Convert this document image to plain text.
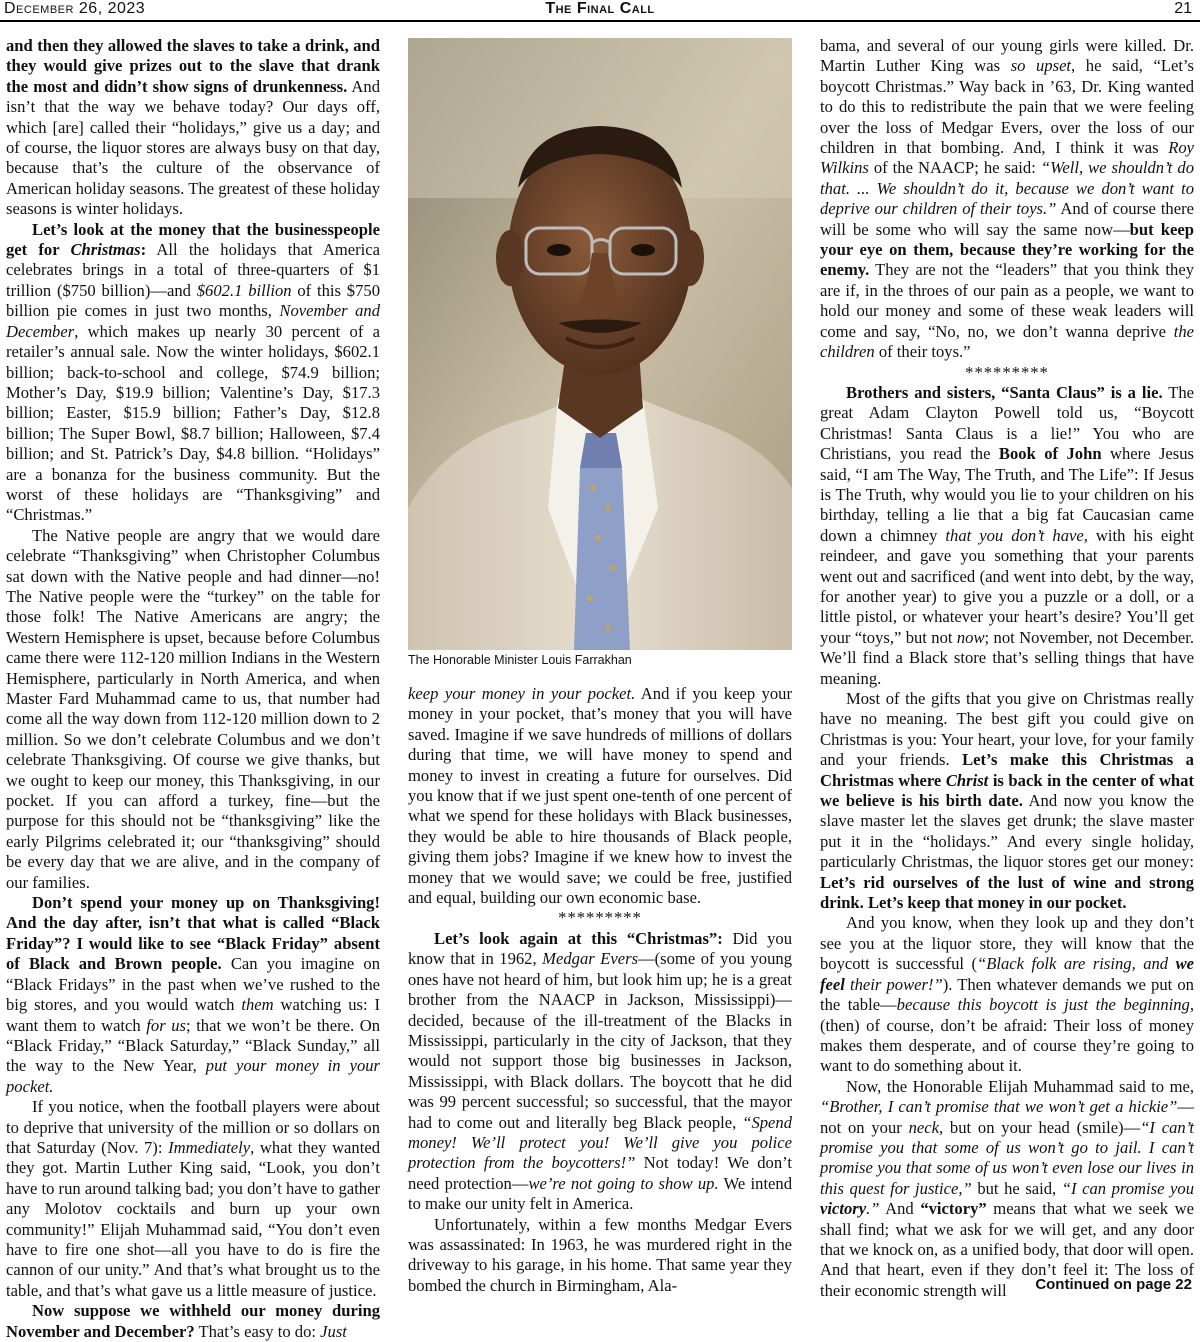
December 26, 2023	The Final Call	21

and then they allowed the slaves to take a drink, and they would give prizes out to the slave that drank the most and didn’t show signs of drunkenness. And isn’t that the way we behave today? Our days off, which [are] called their “holidays,” give us a day; and of course, the liquor stores are always busy on that day, because that’s the culture of the observance of American holiday seasons. The greatest of these holiday seasons is winter holidays.

Let’s look at the money that the businesspeople get for Christmas: All the holidays that America celebrates brings in a total of three-quarters of $1 trillion ($750 billion)—and $602.1 billion of this $750 billion pie comes in just two months, November and December, which makes up nearly 30 percent of a retailer’s annual sale. Now the winter holidays, $602.1 billion; back-to-school and college, $74.9 billion; Mother’s Day, $19.9 billion; Valentine’s Day, $17.3 billion; Easter, $15.9 billion; Father’s Day, $12.8 billion; The Super Bowl, $8.7 billion; Halloween, $7.4 billion; and St. Patrick’s Day, $4.8 billion. “Holidays” are a bonanza for the business community. But the worst of these holidays are “Thanksgiving” and “Christmas.”

The Native people are angry that we would dare celebrate “Thanksgiving” when Christopher Columbus sat down with the Native people and had dinner—no! The Native people were the “turkey” on the table for those folk! The Native Americans are angry; the Western Hemisphere is upset, because before Columbus came there were 112-120 million Indians in the Western Hemisphere, particularly in North America, and when Master Fard Muhammad came to us, that number had come all the way down from 112-120 million down to 2 million. So we don’t celebrate Columbus and we don’t celebrate Thanksgiving. Of course we give thanks, but we ought to keep our money, this Thanksgiving, in our pocket. If you can afford a turkey, fine—but the purpose for this should not be “thanksgiving” like the early Pilgrims celebrated it; our “thanksgiving” should be every day that we are alive, and in the company of our families.

Don’t spend your money up on Thanksgiving! And the day after, isn’t that what is called “Black Friday”? I would like to see “Black Friday” absent of Black and Brown people. Can you imagine on “Black Fridays” in the past when we’ve rushed to the big stores, and you would watch them watching us: I want them to watch for us; that we won’t be there. On “Black Friday,” “Black Saturday,” “Black Sunday,” all the way to the New Year, put your money in your pocket.

If you notice, when the football players were about to deprive that university of the million or so dollars on that Saturday (Nov. 7): Immediately, what they wanted they got. Martin Luther King said, “Look, you don’t have to run around talking bad; you don’t have to gather any Molotov cocktails and burn up your own community!” Elijah Muhammad said, “You don’t even have to fire one shot—all you have to do is fire the cannon of our unity.” And that’s what brought us to the table, and that’s what gave us a little measure of justice.

Now suppose we withheld our money during November and December? That’s easy to do: Just

The Honorable Minister Louis Farrakhan

keep your money in your pocket. And if you keep your money in your pocket, that’s money that you will have saved. Imagine if we save hundreds of millions of dollars during that time, we will have money to spend and money to invest in creating a future for ourselves. Did you know that if we just spent one-tenth of one percent of what we spend for these holidays with Black businesses, they would be able to hire thousands of Black people, giving them jobs? Imagine if we knew how to invest the money that we would save; we could be free, justified and equal, building our own economic base.

*********

Let’s look again at this “Christmas”: Did you know that in 1962, Medgar Evers—(some of you young ones have not heard of him, but look him up; he is a great brother from the NAACP in Jackson, Mississippi)—decided, because of the ill-treatment of the Blacks in Mississippi, particularly in the city of Jackson, that they would not support those big businesses in Jackson, Mississippi, with Black dollars. The boycott that he did was 99 percent successful; so successful, that the mayor had to come out and literally beg Black people, “Spend money! We’ll protect you! We’ll give you police protection from the boycotters!” Not today! We don’t need protection—we’re not going to show up. We intend to make our unity felt in America.

Unfortunately, within a few months Medgar Evers was assassinated: In 1963, he was murdered right in the driveway to his garage, in his home. That same year they bombed the church in Birmingham, Ala-

bama, and several of our young girls were killed. Dr. Martin Luther King was so upset, he said, “Let’s boycott Christmas.” Way back in ’63, Dr. King wanted to do this to redistribute the pain that we were feeling over the loss of Medgar Evers, over the loss of our children in that bombing. And, I think it was Roy Wilkins of the NAACP; he said: “Well, we shouldn’t do that. ... We shouldn’t do it, because we don’t want to deprive our children of their toys.” And of course there will be some who will say the same now—but keep your eye on them, because they’re working for the enemy. They are not the “leaders” that you think they are if, in the throes of our pain as a people, we want to hold our money and some of these weak leaders will come and say, “No, no, we don’t wanna deprive the children of their toys.”

*********

Brothers and sisters, “Santa Claus” is a lie. The great Adam Clayton Powell told us, “Boycott Christmas! Santa Claus is a lie!” You who are Christians, you read the Book of John where Jesus said, “I am The Way, The Truth, and The Life”: If Jesus is The Truth, why would you lie to your children on his birthday, telling a lie that a big fat Caucasian came down a chimney that you don’t have, with his eight reindeer, and gave you something that your parents went out and sacrificed (and went into debt, by the way, for another year) to give you a puzzle or a doll, or a little pistol, or whatever your heart’s desire? You’ll get your “toys,” but not now; not November, not December. We’ll find a Black store that’s selling things that have meaning.

Most of the gifts that you give on Christmas really have no meaning. The best gift you could give on Christmas is you: Your heart, your love, for your family and your friends. Let’s make this Christmas a Christmas where Christ is back in the center of what we believe is his birth date. And now you know the slave master let the slaves get drunk; the slave master put it in the “holidays.” And every single holiday, particularly Christmas, the liquor stores get our money: Let’s rid ourselves of the lust of wine and strong drink. Let’s keep that money in our pocket.

And you know, when they look up and they don’t see you at the liquor store, they will know that the boycott is successful (“Black folk are rising, and we feel their power!”). Then whatever demands we put on the table—because this boycott is just the beginning, (then) of course, don’t be afraid: Their loss of money makes them desperate, and of course they’re going to want to do something about it.

Now, the Honorable Elijah Muhammad said to me, “Brother, I can’t promise that we won’t get a hickie”—not on your neck, but on your head (smile)—“I can’t promise you that some of us won’t go to jail. I can’t promise you that some of us won’t even lose our lives in this quest for justice,” but he said, “I can promise you victory.” And “victory” means that what we seek we shall find; what we ask for we will get, and any door that we knock on, as a unified body, that door will open. And that heart, even if they don’t feel it: The loss of their economic strength will	Continued on page 22
